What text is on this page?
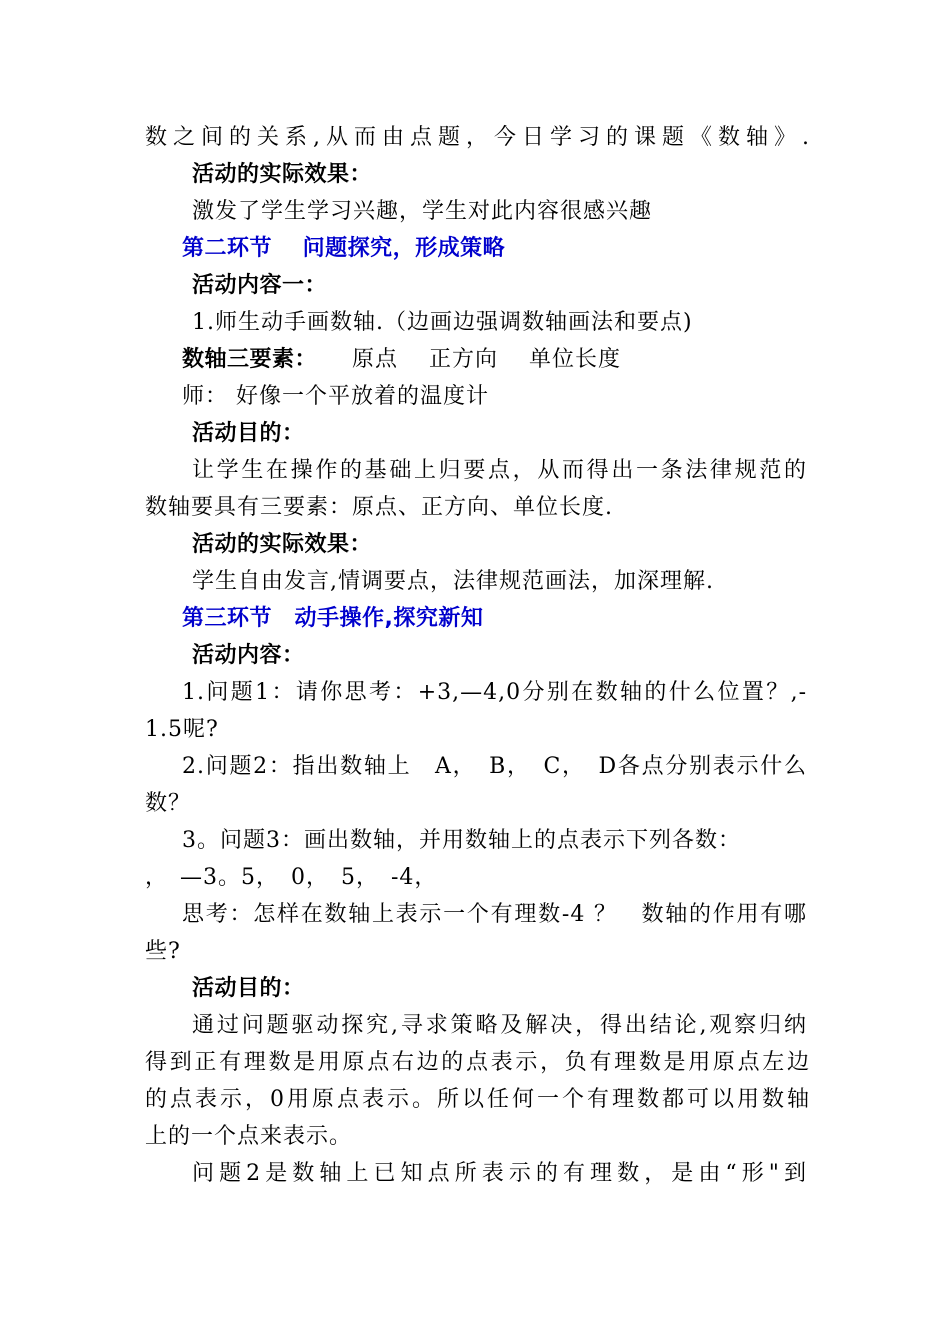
数之间的关系,从而由点题，今日学习的课题《数轴》.
活动的实际效果：
激发了学生学习兴趣，学生对此内容很感兴趣
第二环节　 问题探究，形成策略
活动内容一：
1.师生动手画数轴.（边画边强调数轴画法和要点)
数轴三要素：	原点　 正方向　 单位长度
师： 好像一个平放着的温度计
活动目的：
让学生在操作的基础上归要点，从而得出一条法律规范的
数轴要具有三要素：原点、正方向、单位长度.
活动的实际效果：
学生自由发言,情调要点，法律规范画法，加深理解.
第三环节　动手操作,探究新知
活动内容：
1.问题1：请你思考：+3,—4,0分别在数轴的什么位置？,-
1.5呢?
2.问题2：指出数轴上　A，　B，　C，　D各点分别表示什么
数？
3。问题3：画出数轴，并用数轴上的点表示下列各数：
，　—3。5，　0，　5，　-4，
思考：怎样在数轴上表示一个有理数-4 ？　数轴的作用有哪
些?
活动目的：
通过问题驱动探究,寻求策略及解决，得出结论,观察归纳
得到正有理数是用原点右边的点表示，负有理数是用原点左边
的点表示，0用原点表示。所以任何一个有理数都可以用数轴
上的一个点来表示。
问题2是数轴上已知点所表示的有理数，是由“形"到
